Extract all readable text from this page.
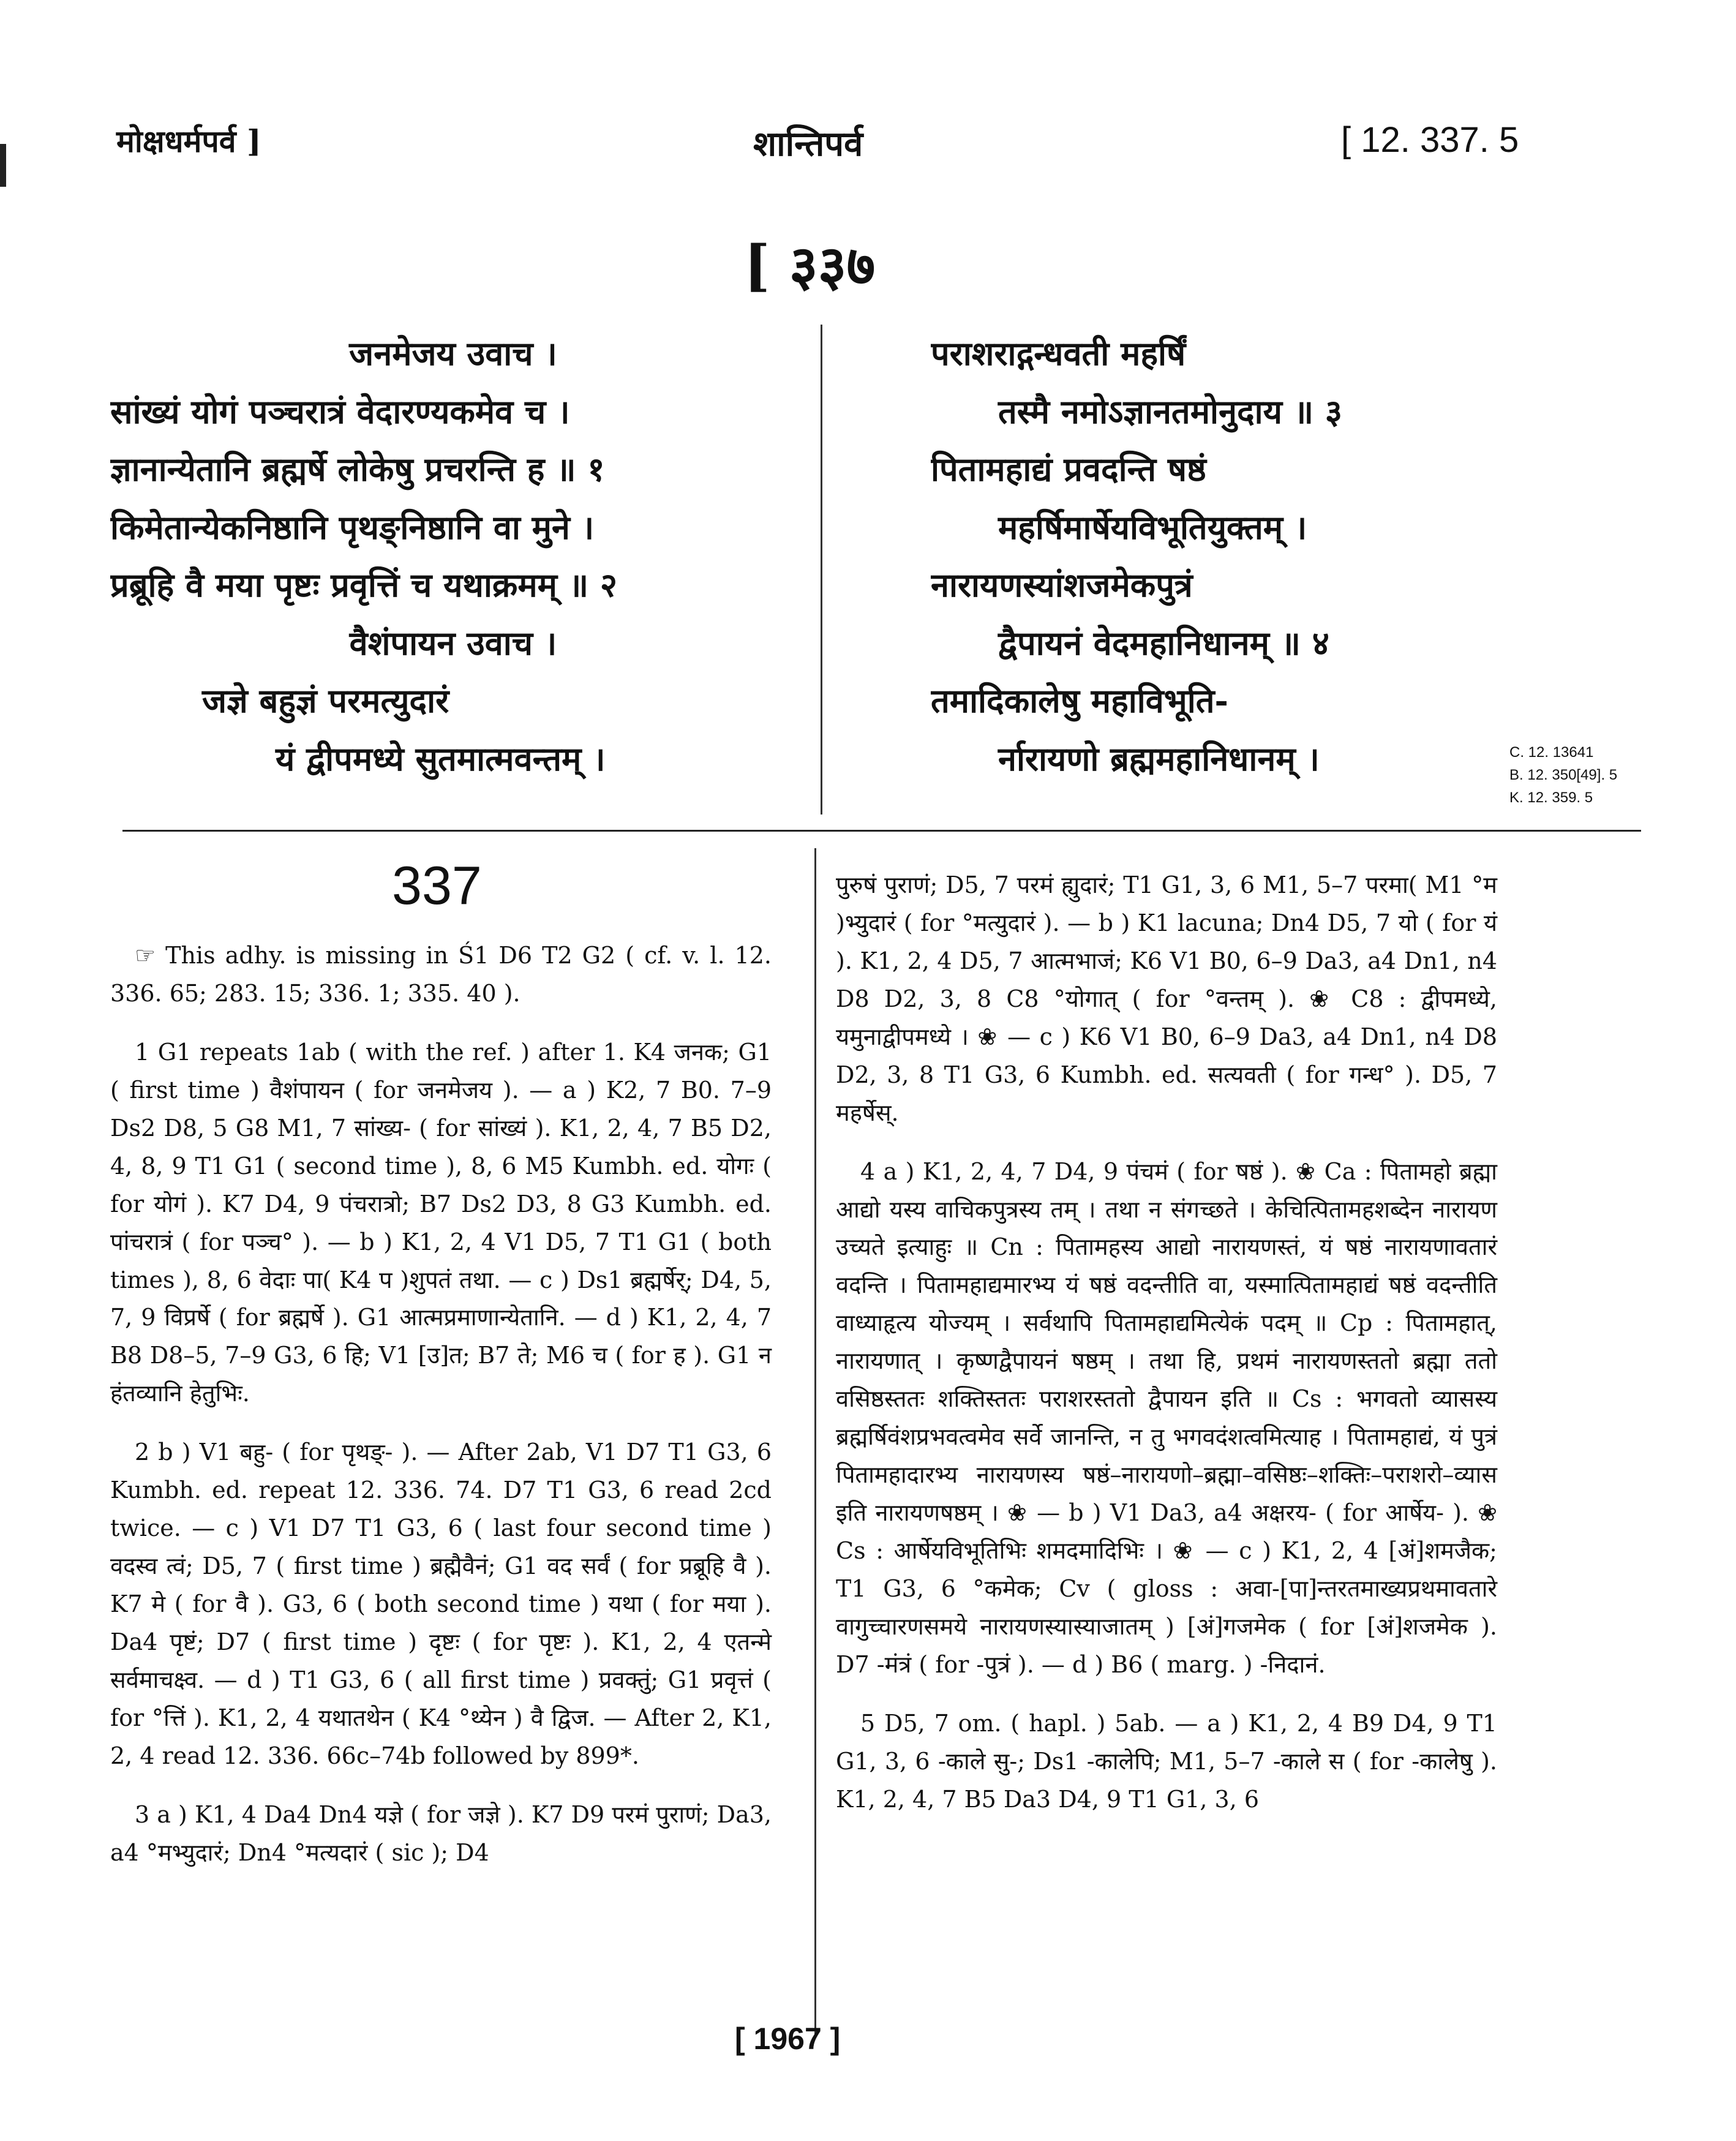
मोक्षधर्मपर्व ]	शान्तिपर्व	[ 12. 337. 5
[ ३३७
जनमेजय उवाच ।
सांख्यं योगं पञ्चरात्रं वेदारण्यकमेव च ।
ज्ञानान्येतानि ब्रह्मर्षे लोकेषु प्रचरन्ति ह ॥ १
किमेतान्येकनिष्ठानि पृथङ्निष्ठानि वा मुने ।
प्रब्रूहि वै मया पृष्टः प्रवृत्तिं च यथाक्रमम् ॥ २
वैशंपायन उवाच ।
जज्ञे बहुज्ञं परमत्युदारं
यं द्वीपमध्ये सुतमात्मवन्तम् ।
पराशराद्गन्धवती महर्षिं
तस्मै नमोऽज्ञानतमोनुदाय ॥ ३
पितामहाद्यं प्रवदन्ति षष्ठं
महर्षिमार्षेयविभूतियुक्तम् ।
नारायणस्यांशजमेकपुत्रं
द्वैपायनं वेदमहानिधानम् ॥ ४
तमादिकालेषु महाविभूति-
र्नारायणो ब्रह्ममहानिधानम् ।	C. 12. 13641
B. 12. 350[49]. 5
K. 12. 359. 5
337

☞ This adhy. is missing in Ś1 D6 T2 G2 ( cf. v. l. 12. 336. 65; 283. 15; 336. 1; 335. 40 ).

1 G1 repeats 1ab ( with the ref. ) after 1. K4 जनक; G1 ( first time ) वैशंपायन ( for जनमेजय ). — a ) K2, 7 B0. 7–9 Ds2 D8, 5 G8 M1, 7 सांख्य- ( for सांख्यं ). K1, 2, 4, 7 B5 D2, 4, 8, 9 T1 G1 ( second time ), 8, 6 M5 Kumbh. ed. योगः ( for योगं ). K7 D4, 9 पंचरात्रो; B7 Ds2 D3, 8 G3 Kumbh. ed. पांचरात्रं ( for पञ्च° ). — b ) K1, 2, 4 V1 D5, 7 T1 G1 ( both times ), 8, 6 वेदाः पा( K4 प )शुपतं तथा. — c ) Ds1 ब्रह्मर्षेर्; D4, 5, 7, 9 विप्रर्षे ( for ब्रह्मर्षे ). G1 आत्मप्रमाणान्येतानि. — d ) K1, 2, 4, 7 B8 D8–5, 7–9 G3, 6 हि; V1 [उ]त; B7 ते; M6 च ( for ह ). G1 न हंतव्यानि हेतुभिः.

2 b ) V1 बहु- ( for पृथङ्- ). — After 2ab, V1 D7 T1 G3, 6 Kumbh. ed. repeat 12. 336. 74. D7 T1 G3, 6 read 2cd twice. — c ) V1 D7 T1 G3, 6 ( last four second time ) वदस्व त्वं; D5, 7 ( first time ) ब्रह्मैवैनं; G1 वद सर्वं ( for प्रब्रूहि वै ). K7 मे ( for वै ). G3, 6 ( both second time ) यथा ( for मया ). Da4 पृष्टं; D7 ( first time ) दृष्टः ( for पृष्टः ). K1, 2, 4 एतन्मे सर्वमाचक्ष्व. — d ) T1 G3, 6 ( all first time ) प्रवक्तुं; G1 प्रवृत्तं ( for °त्तिं ). K1, 2, 4 यथातथेन ( K4 °थ्येन ) वै द्विज. — After 2, K1, 2, 4 read 12. 336. 66c–74b followed by 899*.

3 a ) K1, 4 Da4 Dn4 यज्ञे ( for जज्ञे ). K7 D9 परमं पुराणं; Da3, a4 °मभ्युदारं; Dn4 °मत्यदारं ( sic ); D4

पुरुषं पुराणं; D5, 7 परमं ह्युदारं; T1 G1, 3, 6 M1, 5–7 परमा( M1 °म )भ्युदारं ( for °मत्युदारं ). — b ) K1 lacuna; Dn4 D5, 7 यो ( for यं ). K1, 2, 4 D5, 7 आत्मभाजं; K6 V1 B0, 6–9 Da3, a4 Dn1, n4 D8 D2, 3, 8 C8 °योगात् ( for °वन्तम् ). ❀ C8 : द्वीपमध्ये, यमुनाद्वीपमध्ये । ❀ — c ) K6 V1 B0, 6–9 Da3, a4 Dn1, n4 D8 D2, 3, 8 T1 G3, 6 Kumbh. ed. सत्यवती ( for गन्ध° ). D5, 7 महर्षेस्.

4 a ) K1, 2, 4, 7 D4, 9 पंचमं ( for षष्ठं ). ❀ Ca : पितामहो ब्रह्मा आद्यो यस्य वाचिकपुत्रस्य तम् । तथा न संगच्छते । केचित्पितामहशब्देन नारायण उच्यते इत्याहुः ॥ Cn : पितामहस्य आद्यो नारायणस्तं, यं षष्ठं नारायणावतारं वदन्ति । पितामहाद्यमारभ्य यं षष्ठं वदन्तीति वा, यस्मात्पितामहाद्यं षष्ठं वदन्तीति वाध्याहृत्य योज्यम् । सर्वथापि पितामहाद्यमित्येकं पदम् ॥ Cp : पितामहात्, नारायणात् । कृष्णद्वैपायनं षष्ठम् । तथा हि, प्रथमं नारायणस्ततो ब्रह्मा ततो वसिष्ठस्ततः शक्तिस्ततः पराशरस्ततो द्वैपायन इति ॥ Cs : भगवतो व्यासस्य ब्रह्मर्षिवंशप्रभवत्वमेव सर्वे जानन्ति, न तु भगवदंशत्वमित्याह । पितामहाद्यं, यं पुत्रं पितामहादारभ्य नारायणस्य षष्ठं–नारायणो–ब्रह्मा–वसिष्ठः–शक्तिः–पराशरो–व्यास इति नारायणषष्ठम् । ❀ — b ) V1 Da3, a4 अक्षरय- ( for आर्षेय- ). ❀ Cs : आर्षेयविभूतिभिः शमदमादिभिः । ❀ — c ) K1, 2, 4 [अं]शमजैक; T1 G3, 6 °कमेक; Cv ( gloss : अवा-[पा]न्तरतमाख्यप्रथमावतारे वागुच्चारणसमये नारायणस्यास्याजातम् ) [अं]गजमेक ( for [अं]शजमेक ). D7 -मंत्रं ( for -पुत्रं ). — d ) B6 ( marg. ) -निदानं.

5 D5, 7 om. ( hapl. ) 5ab. — a ) K1, 2, 4 B9 D4, 9 T1 G1, 3, 6 -काले सु-; Ds1 -कालेपि; M1, 5–7 -काले स ( for -कालेषु ). K1, 2, 4, 7 B5 Da3 D4, 9 T1 G1, 3, 6

[ 1967 ]
